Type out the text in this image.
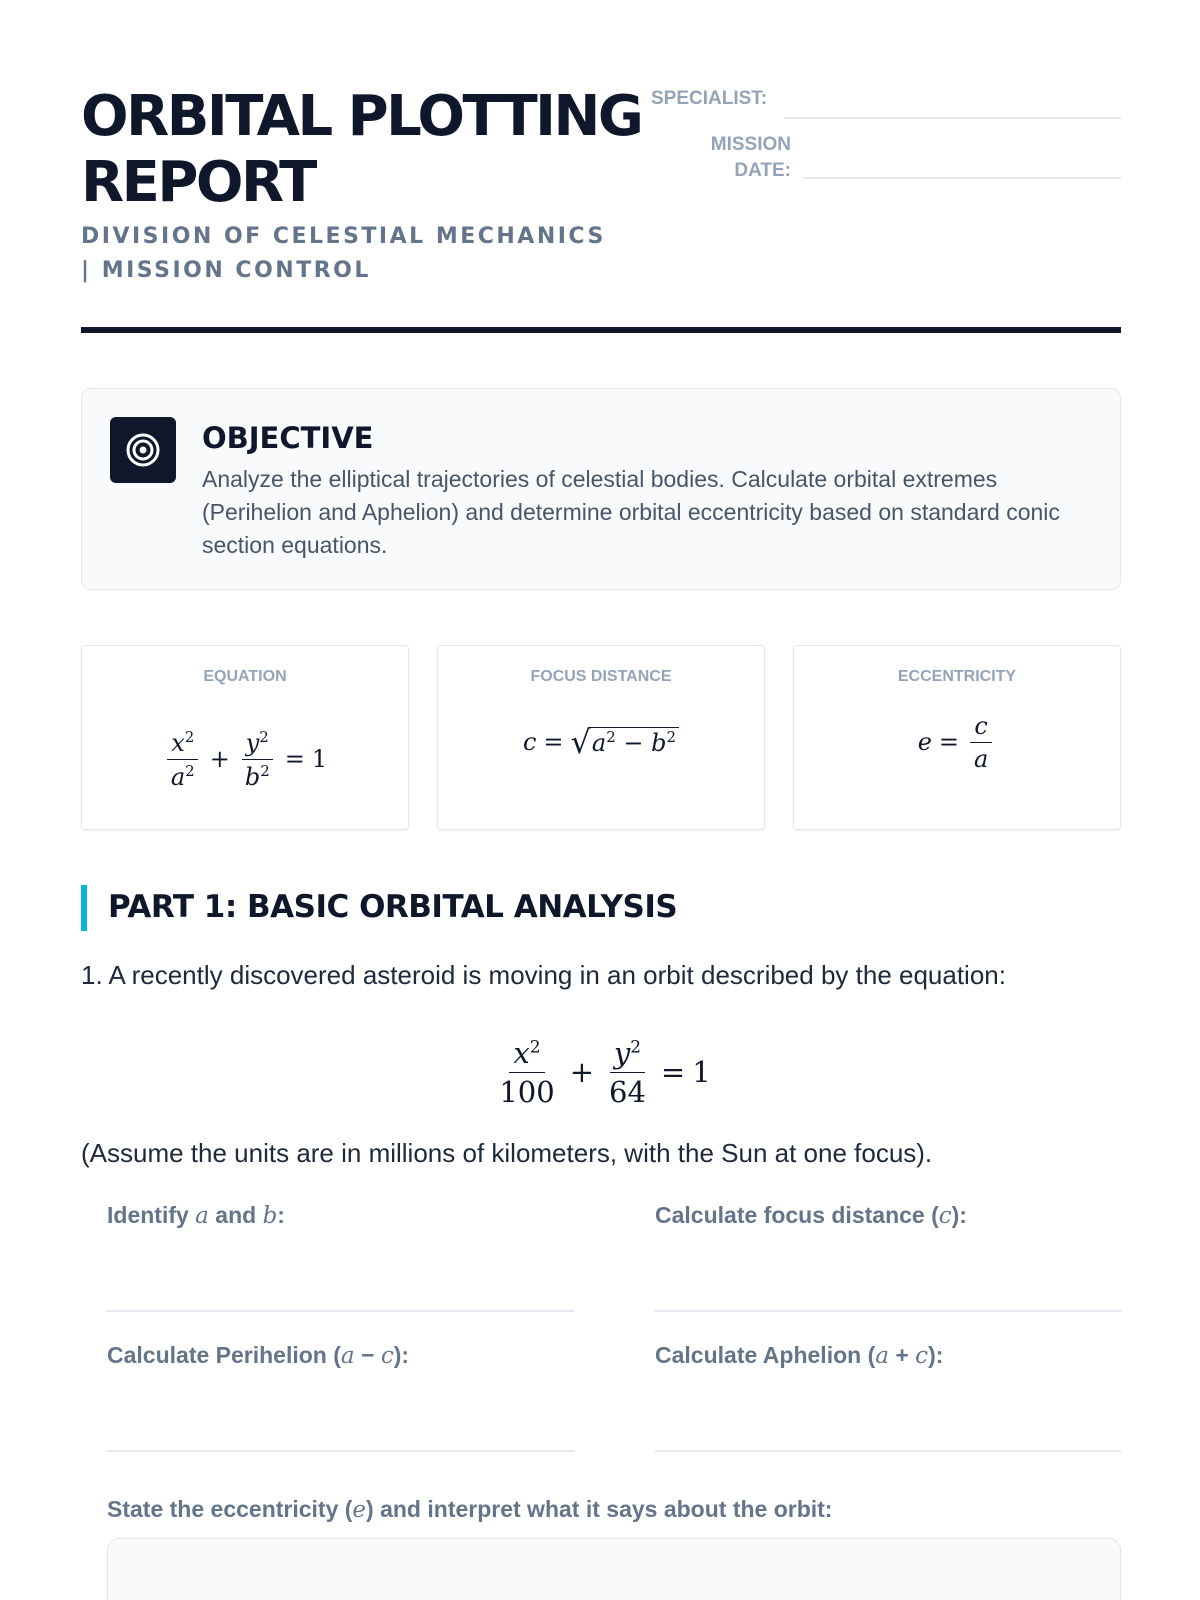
ORBITAL PLOTTING REPORT
DIVISION OF CELESTIAL MECHANICS | MISSION CONTROL
SPECIALIST:
MISSION
DATE:
OBJECTIVE
Analyze the elliptical trajectories of celestial bodies. Calculate orbital extremes (Perihelion and Aphelion) and determine orbital eccentricity based on standard conic section equations.
EQUATION
$\frac{x^2}{a^2} + \frac{y^2}{b^2} = 1$
FOCUS DISTANCE
c = √ $a^2 - b^2$
ECCENTRICITY
$e = \frac{c}{a}$
PART 1: BASIC ORBITAL ANALYSIS
1. A recently discovered asteroid is moving in an orbit described by the equation:
$\frac{x^2}{100} + \frac{y^2}{64} = 1$
(Assume the units are in millions of kilometers, with the Sun at one focus).
Identify a and b:	Calculate focus distance (c):
Calculate Perihelion (a − c):	Calculate Aphelion (a + c):
State the eccentricity (e) and interpret what it says about the orbit:
